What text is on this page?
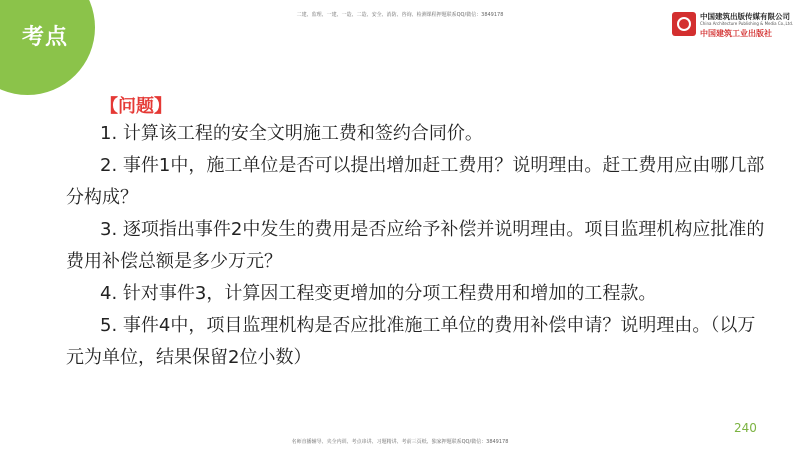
考点
二建、监理、一建、一造、二造、安全、消防、咨询、检测课程押题联系QQ/微信：3849178	中国建筑出版传媒有限公司
China Architecture Publishing & Media Co.,Ltd.
中国建筑工业出版社
【问题】
1. 计算该工程的安全文明施工费和签约合同价。
2. 事件1中，施工单位是否可以提出增加赶工费用？说明理由。赶工费用应由哪几部分构成？
3. 逐项指出事件2中发生的费用是否应给予补偿并说明理由。项目监理机构应批准的费用补偿总额是多少万元？
4. 针对事件3，计算因工程变更增加的分项工程费用和增加的工程款。
5. 事件4中，项目监理机构是否应批准施工单位的费用补偿申请？说明理由。（以万元为单位，结果保留2位小数）
240
名师直播辅导、夹全内训、考点串讲、习题精讲、考前三页纸、独家押题联系QQ/微信：3849178
